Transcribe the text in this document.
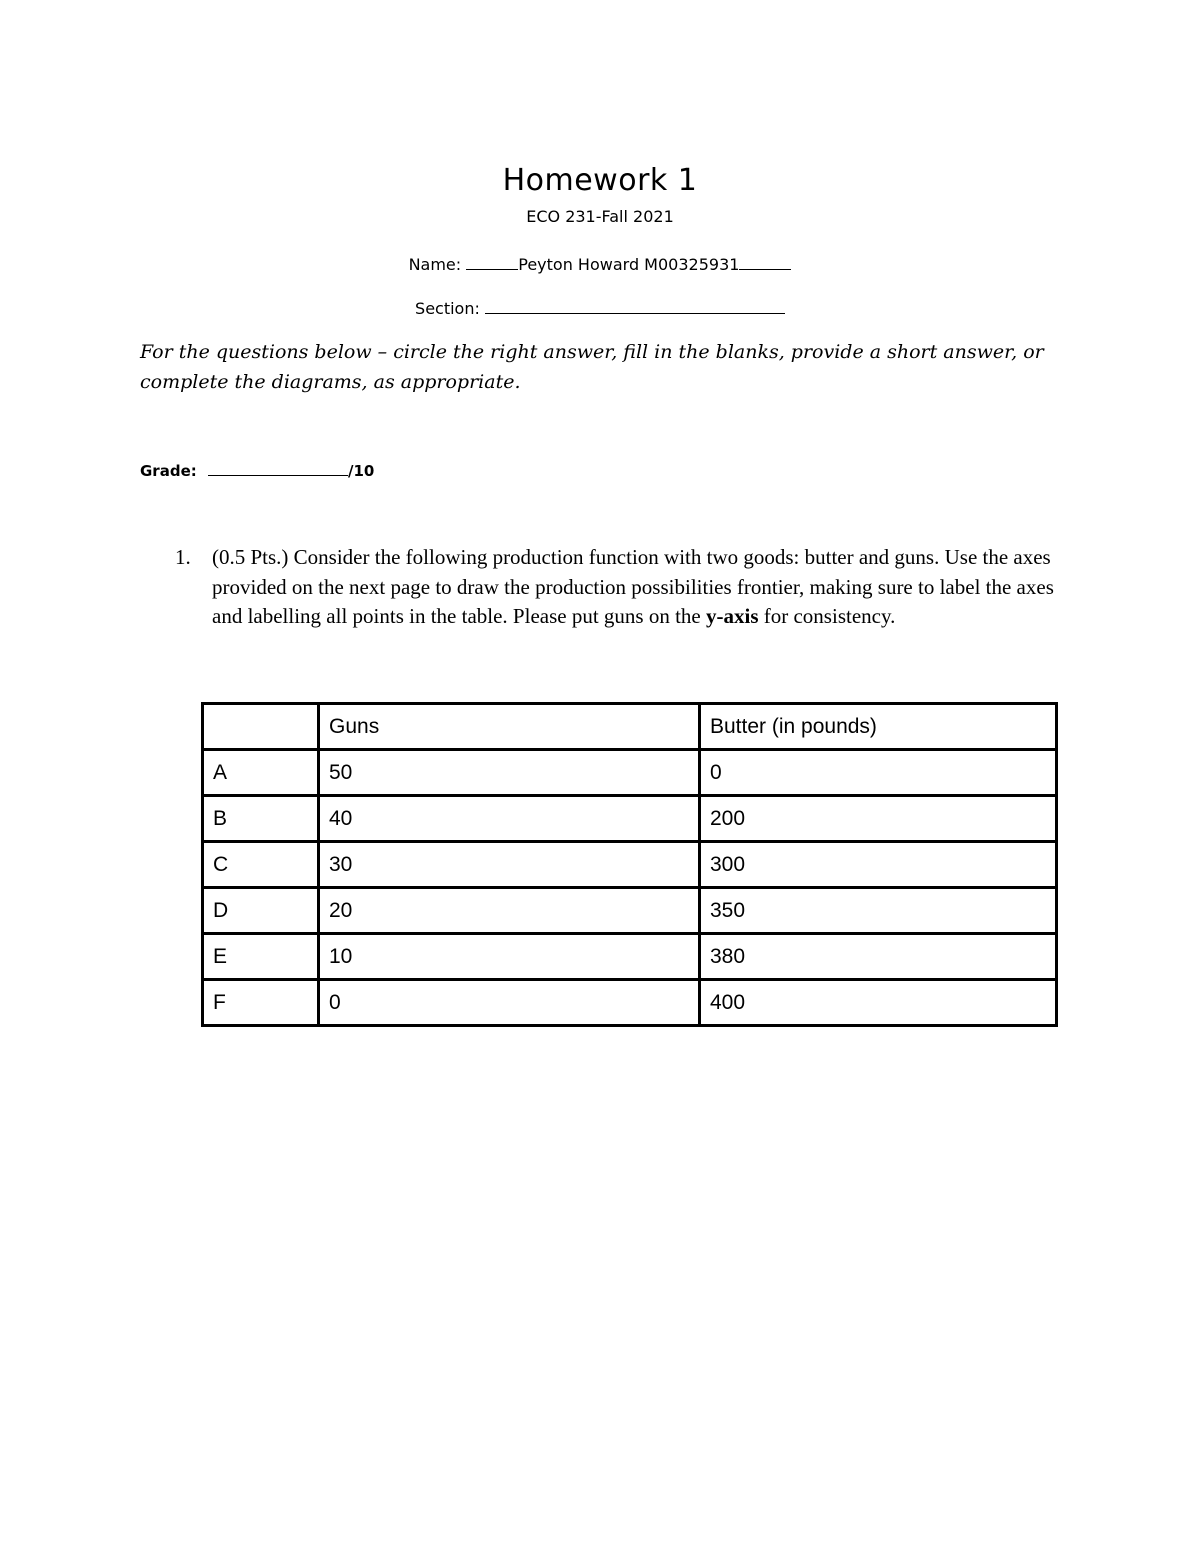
Homework 1
ECO 231-Fall 2021
Name:	Peyton Howard M00325931
Section:
For the questions below – circle the right answer, fill in the blanks, provide a short answer, or complete the diagrams, as appropriate.
Grade:	/10
1. (0.5 Pts.) Consider the following production function with two goods: butter and guns. Use the axes provided on the next page to draw the production possibilities frontier, making sure to label the axes and labelling all points in the table. Please put guns on the y-axis for consistency.
	Guns	Butter (in pounds)
A	50	0
B	40	200
C	30	300
D	20	350
E	10	380
F	0	400
